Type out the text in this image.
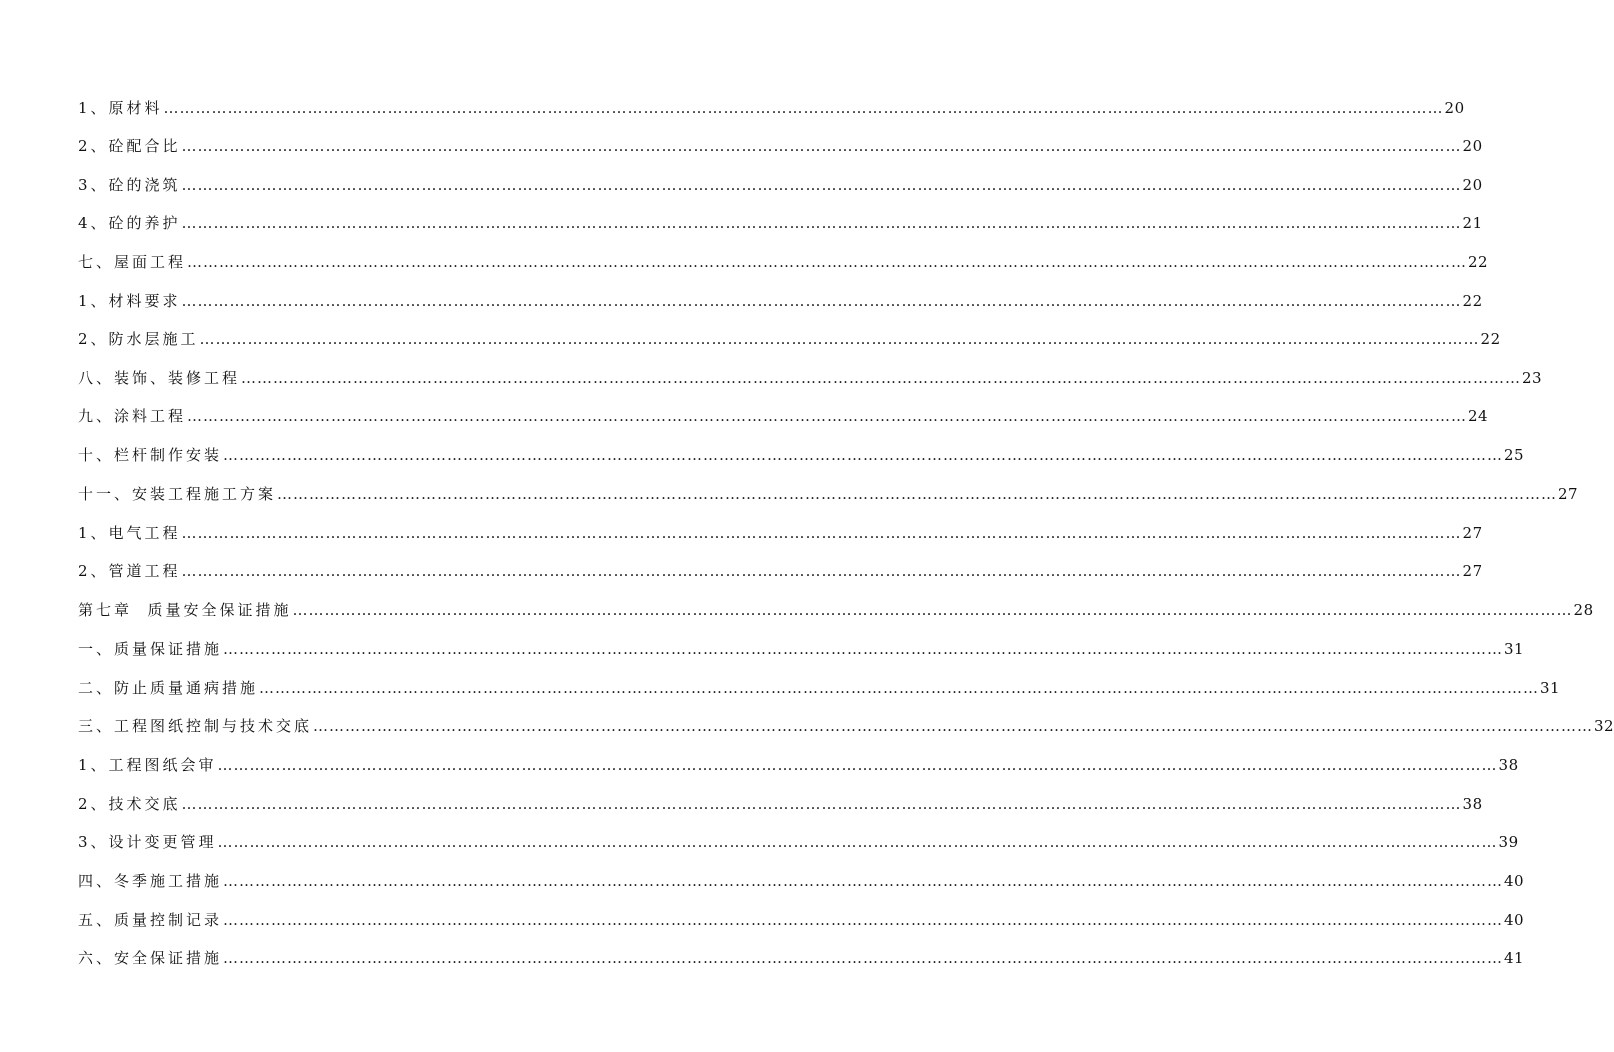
1、原材料 …………………………………………………………………………………………………………………………………………………………………………………………………………………… 20
2、砼配合比 …………………………………………………………………………………………………………………………………………………………………………………………………………………… 20
3、砼的浇筑 …………………………………………………………………………………………………………………………………………………………………………………………………………………… 20
4、砼的养护 …………………………………………………………………………………………………………………………………………………………………………………………………………………… 21
七、屋面工程 …………………………………………………………………………………………………………………………………………………………………………………………………………………… 22
1、材料要求 …………………………………………………………………………………………………………………………………………………………………………………………………………………… 22
2、防水层施工 …………………………………………………………………………………………………………………………………………………………………………………………………………………… 22
八、装饰、装修工程 …………………………………………………………………………………………………………………………………………………………………………………………………………………… 23
九、涂料工程 …………………………………………………………………………………………………………………………………………………………………………………………………………………… 24
十、栏杆制作安装 …………………………………………………………………………………………………………………………………………………………………………………………………………………… 25
十一、安装工程施工方案 …………………………………………………………………………………………………………………………………………………………………………………………………………………… 27
1、电气工程 …………………………………………………………………………………………………………………………………………………………………………………………………………………… 27
2、管道工程 …………………………………………………………………………………………………………………………………………………………………………………………………………………… 27
第七章  质量安全保证措施 …………………………………………………………………………………………………………………………………………………………………………………………………………………… 28
一、质量保证措施 …………………………………………………………………………………………………………………………………………………………………………………………………………………… 31
二、防止质量通病措施 …………………………………………………………………………………………………………………………………………………………………………………………………………………… 31
三、工程图纸控制与技术交底 …………………………………………………………………………………………………………………………………………………………………………………………………………………… 32
1、工程图纸会审 …………………………………………………………………………………………………………………………………………………………………………………………………………………… 38
2、技术交底 …………………………………………………………………………………………………………………………………………………………………………………………………………………… 38
3、设计变更管理 …………………………………………………………………………………………………………………………………………………………………………………………………………………… 39
四、冬季施工措施 …………………………………………………………………………………………………………………………………………………………………………………………………………………… 40
五、质量控制记录 …………………………………………………………………………………………………………………………………………………………………………………………………………………… 40
六、安全保证措施 …………………………………………………………………………………………………………………………………………………………………………………………………………………… 41
